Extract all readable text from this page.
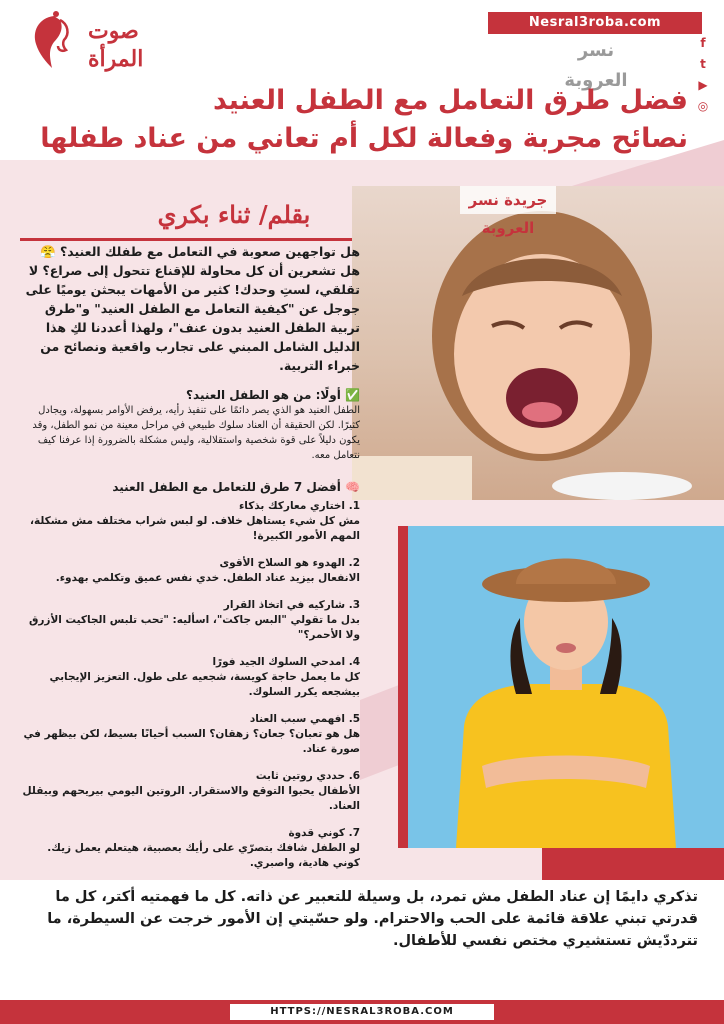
صوت
المرأة
Nesral3roba.com
نسر العروبة
f
t
▶
◎
فضل طرق التعامل مع الطفل العنيد
نصائح مجربة وفعالة لكل أم تعاني من عناد طفلها
بقلم/ ثناء بكري	جريدة نسر العروبة

هل تواجهين صعوبة في التعامل مع طفلك العنيد؟ 😤 هل تشعرين أن كل محاولة للإقناع تتحول إلى صراع؟ لا تقلقي، لستِ وحدك! كثير من الأمهات يبحثن يوميًا على جوجل عن "كيفية التعامل مع الطفل العنيد" و"طرق تربية الطفل العنيد بدون عنف"، ولهذا أعددنا لكِ هذا الدليل الشامل المبني على تجارب واقعية ونصائح من خبراء التربية.

✅ أولًا: من هو الطفل العنيد؟

الطفل العنيد هو الذي يصر دائمًا على تنفيذ رأيه، يرفض الأوامر بسهولة، ويجادل كثيرًا. لكن الحقيقة أن العناد سلوك طبيعي في مراحل معينة من نمو الطفل، وقد يكون دليلاً على قوة شخصية واستقلالية، وليس مشكلة بالضرورة إذا عرفنا كيف نتعامل معه.

🧠 أفضل 7 طرق للتعامل مع الطفل العنيد
1. اختاري معاركك بذكاء
مش كل شيء يستاهل خلاف. لو لبس شراب مختلف مش مشكلة، المهم الأمور الكبيرة!
2. الهدوء هو السلاح الأقوى
الانفعال بيزيد عناد الطفل. خدي نفس عميق وتكلمي بهدوء.
3. شاركيه في اتخاذ القرار
بدل ما تقولي "البس جاكت"، اسأليه: "تحب تلبس الجاكيت الأزرق ولا الأحمر؟"
4. امدحي السلوك الجيد فورًا
كل ما يعمل حاجة كويسة، شجعيه على طول. التعزيز الإيجابي بيشجعه يكرر السلوك.
5. افهمي سبب العناد
هل هو تعبان؟ جعان؟ زهقان؟ السبب أحيانًا بسيط، لكن بيظهر في صورة عناد.
6. حددي روتين ثابت
الأطفال يحبوا التوقع والاستقرار. الروتين اليومي بيريحهم وبيقلل العناد.
7. كوني قدوة
لو الطفل شافك بتصرّي على رأيك بعصبية، هيتعلم يعمل زيك. كوني هادية، واصبري.

تذكري دايمًا إن عناد الطفل مش تمرد، بل وسيلة للتعبير عن ذاته. كل ما فهمتيه أكتر، كل ما قدرتي تبني علاقة قائمة على الحب والاحترام. ولو حسّيتي إن الأمور خرجت عن السيطرة، ما تترددّيش تستشيري مختص نفسي للأطفال.

HTTPS://NESRAL3ROBA.COM
